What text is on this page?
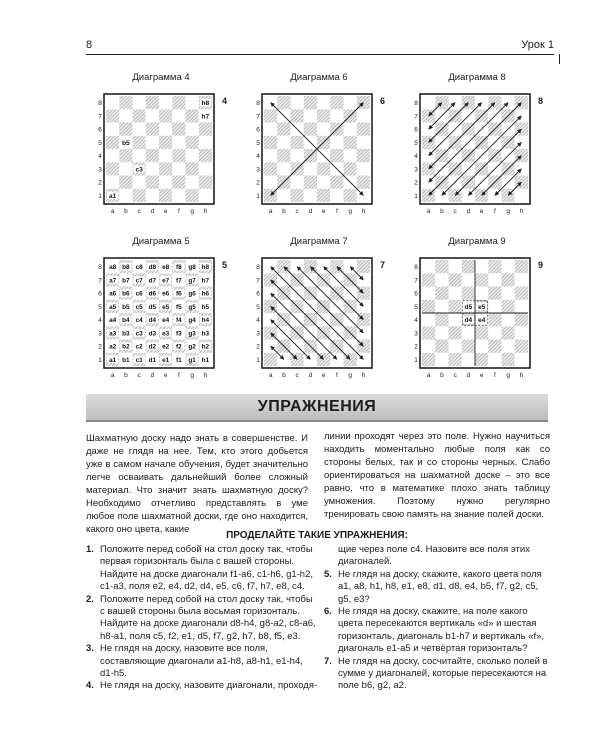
8	Урок 1
Диаграмма 4
4
1
2
3
4
5
6
7
8
a b c d e f g h
a1
c3
b5
h7
h8
Диаграмма 6
6
1
2
3
4
5
6
7
8
a b c d e f g h
Диаграмма 8
8
1
2
3
4
5
6
7
8
a b c d e f g h
Диаграмма 5
5
1
2
3
4
5
6
7
8
a b c d e f g h
a1 b1 c1 d1 e1 f1 g1 h1
a2 b2 c2 d2 e2 f2 g2 h2
a3 b3 c3 d3 e3 f3 g3 h3
a4 b4 c4 d4 e4 f4 g4 h4
a5 b5 c5 d5 e5 f5 g5 h5
a6 b6 c6 d6 e6 f6 g6 h6
a7 b7 c7 d7 e7 f7 g7 h7
a8 b8 c8 d8 e8 f8 g8 h8
Диаграмма 7
7
1
2
3
4
5
6
7
8
a b c d e f g h
Диаграмма 9
9
1
2
3
4
5
6
7
8
a b c d e f g h
d4 e4
d5 e5
УПРАЖНЕНИЯ
Шахматную доску надо знать в совершенстве. И даже не глядя на нее. Тем, кто этого добьется уже в самом начале обучения, будет значительно легче осваивать дальнейший более сложный материал. Что значит знать шахматную доску? Необходимо отчетливо представлять в уме любое поле шахматной доски, где оно находится, какого оно цвета, какие
линии проходят через это поле. Нужно научиться находить моментально любые поля как со стороны белых, так и со стороны черных. Слабо ориентироваться на шахматной доске – это все равно, что в математике плохо знать таблицу умножения. Поэтому нужно регулярно тренировать свою память на знание полей доски.
ПРОДЕЛАЙТЕ ТАКИЕ УПРАЖНЕНИЯ:
1. Положите перед собой на стол доску так, чтобы первая горизонталь была с вашей стороны. Найдите на доске диагонали f1-a6, c1-h6, g1-h2, c1-a3, поля e2, e4, d2, d4, e5, c6, f7, h7, e8, c4.
2. Положите перед собой на стол доску так, чтобы с вашей стороны была восьмая горизонталь. Найдите на доске диагонали d8-h4, g8-a2, c8-a6, h8-a1, поля c5, f2, e1, d5, f7, g2, h7, b8, f5, e3.
3. Не глядя на доску, назовите все поля, составляющие диагонали a1-h8, a8-h1, e1-h4, d1-h5.
4. Не глядя на доску, назовите диагонали, проходя-
щие через поле c4. Назовите все поля этих диагоналей.
5. Не глядя на доску, скажите, какого цвета поля a1, a8, h1, h8, e1, e8, d1, d8, e4, b5, f7, g2, c5, g5, e3?
6. Не глядя на доску, скажите, на поле какого цвета пересекаются вертикаль «d» и шестая горизонталь, диагональ b1-h7 и вертикаль «f», диагональ e1-a5 и четвёртая горизонталь?
7. Не глядя на доску, сосчитайте, сколько полей в сумме у диагоналей, которые пересекаются на поле b6, g2, a2.
